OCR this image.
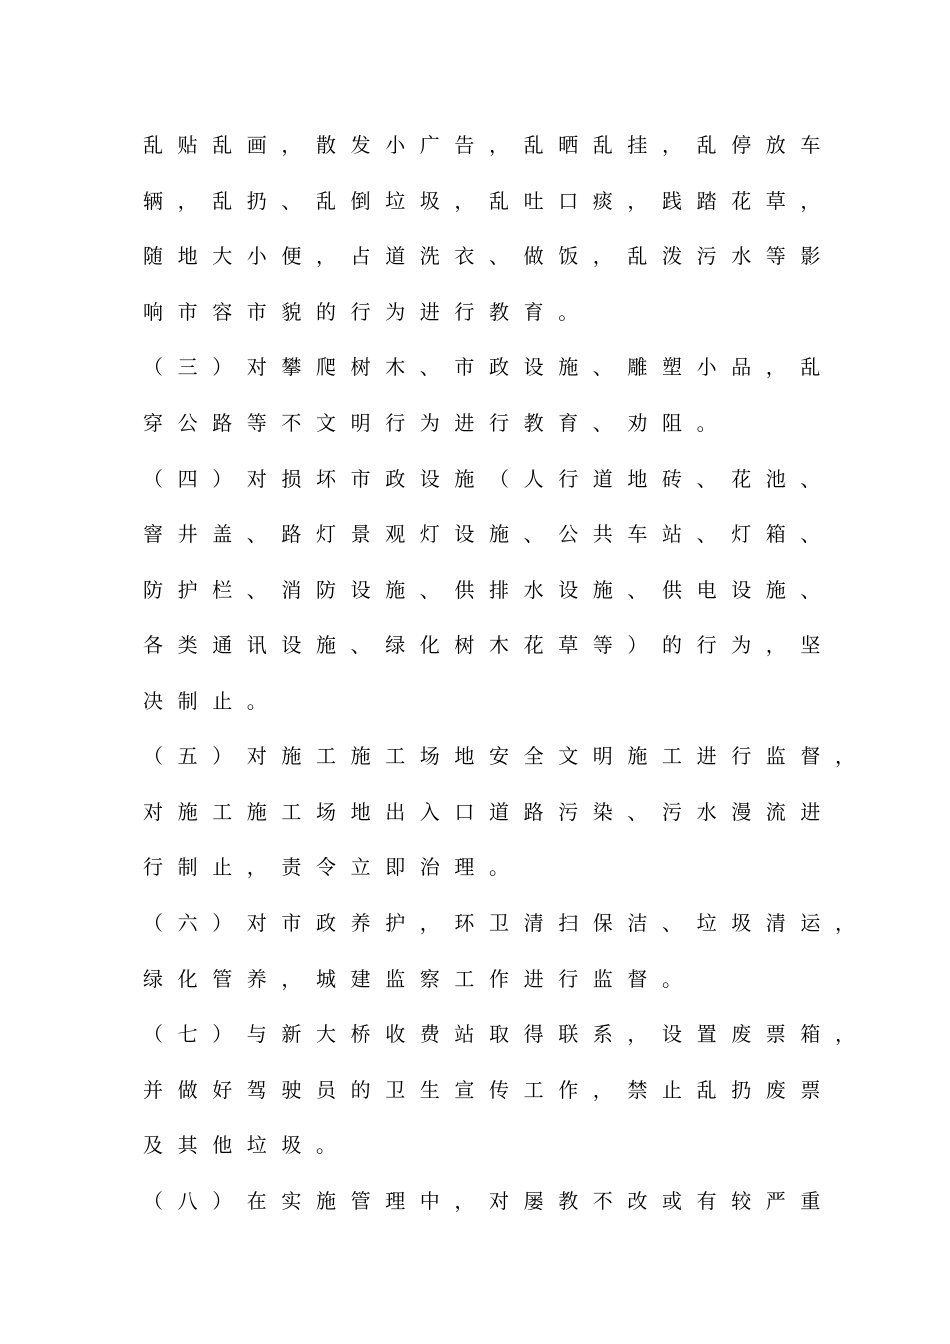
乱贴乱画，散发小广告，乱晒乱挂，乱停放车
辆，乱扔、乱倒垃圾，乱吐口痰，践踏花草，
随地大小便，占道洗衣、做饭，乱泼污水等影
响市容市貌的行为进行教育。
（三）对攀爬树木、市政设施、雕塑小品，乱
穿公路等不文明行为进行教育、劝阻。
（四）对损坏市政设施（人行道地砖、花池、
窨井盖、路灯景观灯设施、公共车站、灯箱、
防护栏、消防设施、供排水设施、供电设施、
各类通讯设施、绿化树木花草等）的行为，坚
决制止。
（五）对施工施工场地安全文明施工进行监督，
对施工施工场地出入口道路污染、污水漫流进
行制止，责令立即治理。
（六）对市政养护，环卫清扫保洁、垃圾清运，
绿化管养，城建监察工作进行监督。
（七）与新大桥收费站取得联系，设置废票箱，
并做好驾驶员的卫生宣传工作，禁止乱扔废票
及其他垃圾。
（八）在实施管理中，对屡教不改或有较严重
